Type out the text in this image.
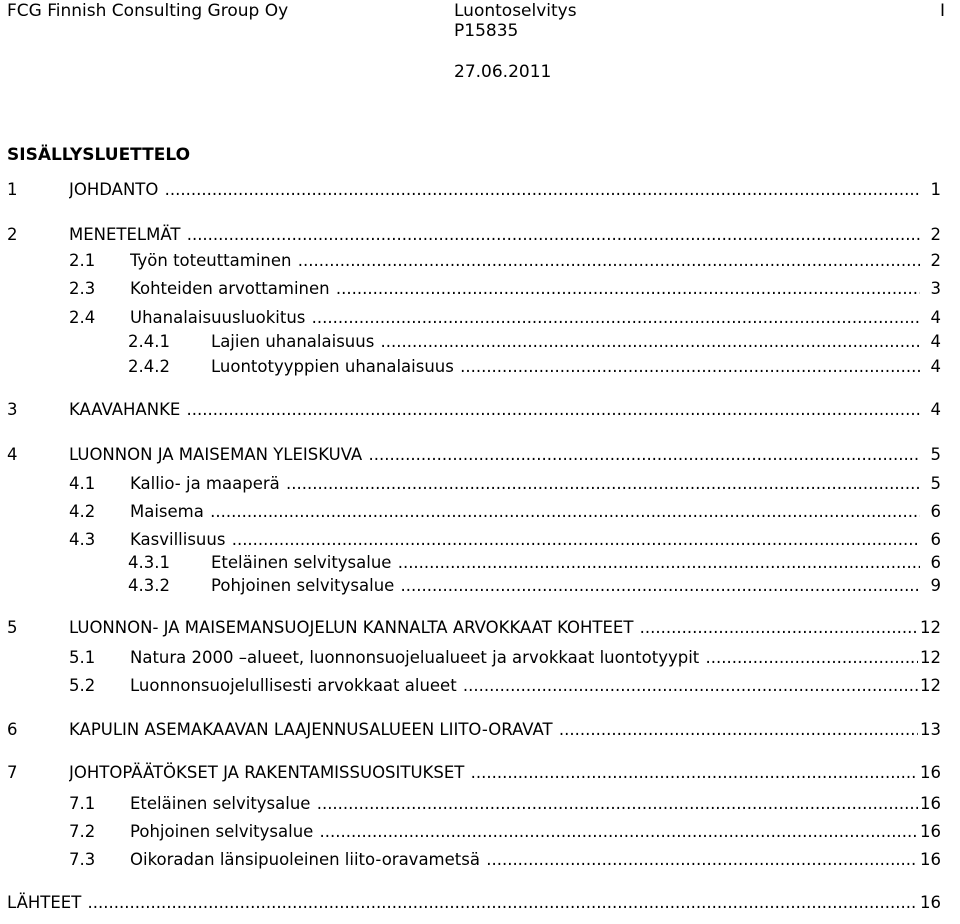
FCG Finnish Consulting Group Oy	Luontoselvitys
P15835
27.06.2011
I
SISÄLLYSLUETTELO
1	JOHDANTO .....	1
2	MENETELMÄT .....	2
2.1 Työn toteuttaminen .....	2
2.3 Kohteiden arvottaminen .....	3
2.4 Uhanalaisuusluokitus .....	4
2.4.1 Lajien uhanalaisuus .....	4
2.4.2 Luontotyyppien uhanalaisuus .....	4
3	KAAVAHANKE .....	4
4	LUONNON JA MAISEMAN YLEISKUVA .....	5
4.1 Kallio- ja maaperä .....	5
4.2 Maisema .....	6
4.3 Kasvillisuus .....	6
4.3.1 Eteläinen selvitysalue .....	6
4.3.2 Pohjoinen selvitysalue .....	9
5	LUONNON- JA MAISEMANSUOJELUN KANNALTA ARVOKKAAT KOHTEET .....	12
5.1 Natura 2000 –alueet, luonnonsuojelualueet ja arvokkaat luontotyypit .....	12
5.2 Luonnonsuojelullisesti arvokkaat alueet .....	12
6	KAPULIN ASEMAKAAVAN LAAJENNUSALUEEN LIITO-ORAVAT .....	13
7	JOHTOPÄÄTÖKSET JA RAKENTAMISSUOSITUKSET .....	16
7.1 Eteläinen selvitysalue .....	16
7.2 Pohjoinen selvitysalue .....	16
7.3 Oikoradan länsipuoleinen liito-oravametsä .....	16
LÄHTEET .....	16
